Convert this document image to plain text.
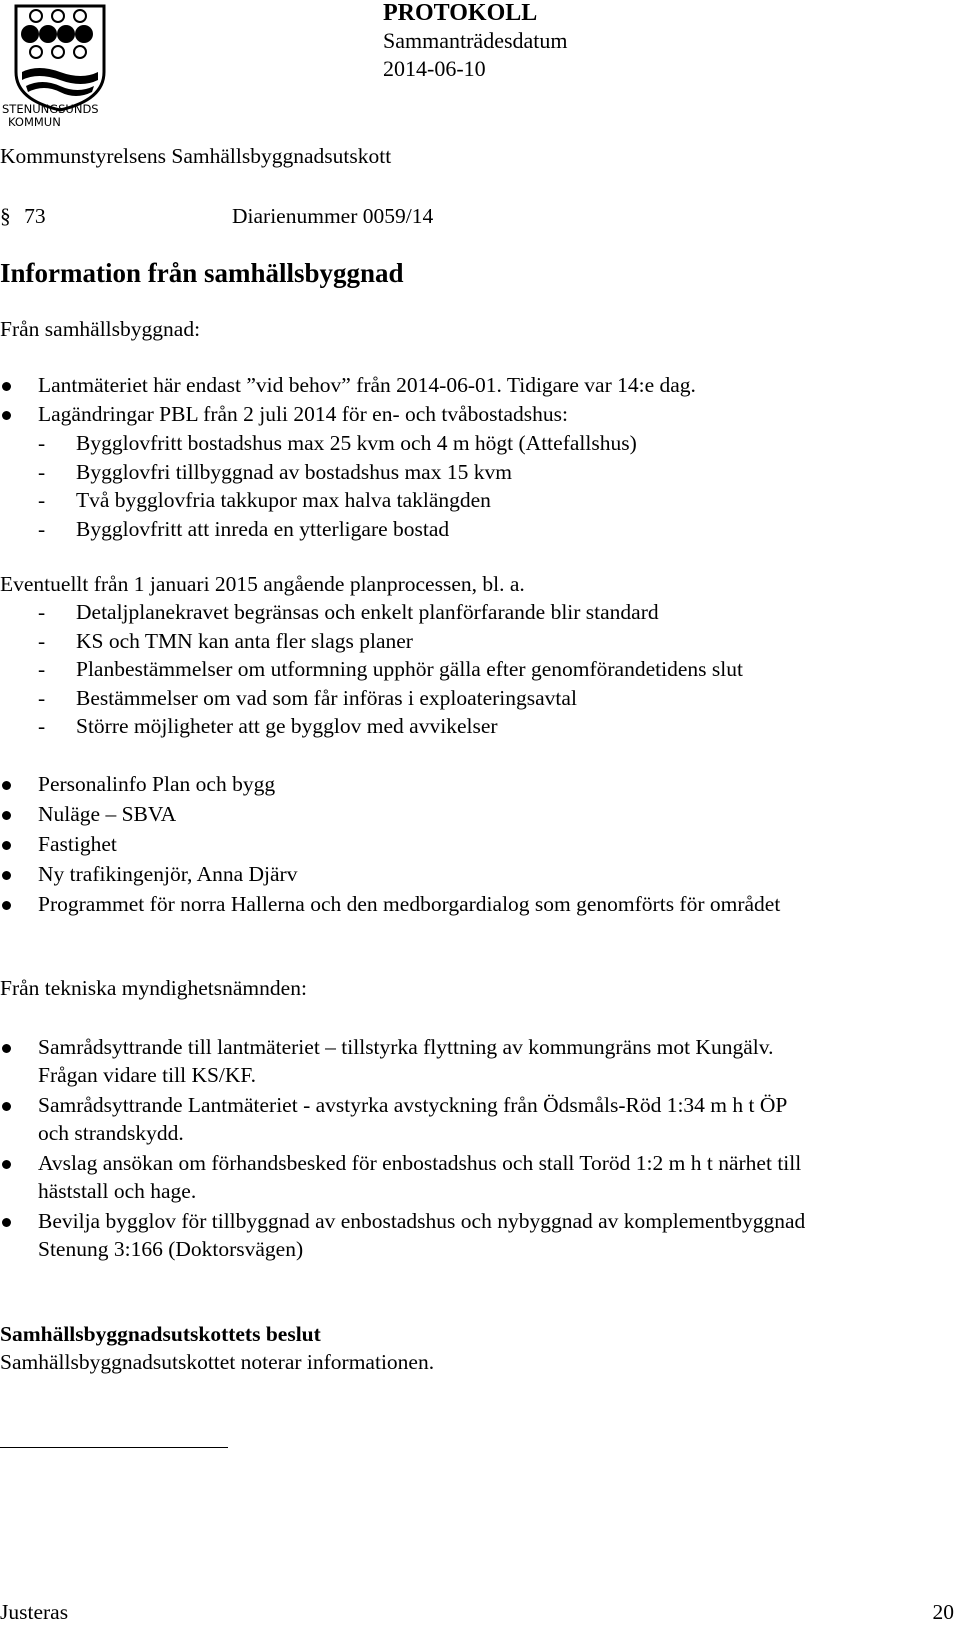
STENUNGSUNDS
KOMMUN
PROTOKOLL
Sammanträdesdatum
2014-06-10
Kommunstyrelsens Samhällsbyggnadsutskott
§ 73	Diarienummer 0059/14
Information från samhällsbyggnad
Från samhällsbyggnad:
Lantmäteriet här endast ”vid behov” från 2014-06-01. Tidigare var 14:e dag.
Lagändringar PBL från 2 juli 2014 för en- och tvåbostadshus:
- Bygglovfritt bostadshus max 25 kvm och 4 m högt (Attefallshus)
- Bygglovfri tillbyggnad av bostadshus max 15 kvm
- Två bygglovfria takkupor max halva taklängden
- Bygglovfritt att inreda en ytterligare bostad
Eventuellt från 1 januari 2015 angående planprocessen, bl. a.
- Detaljplanekravet begränsas och enkelt planförfarande blir standard
- KS och TMN kan anta fler slags planer
- Planbestämmelser om utformning upphör gälla efter genomförandetidens slut
- Bestämmelser om vad som får införas i exploateringsavtal
- Större möjligheter att ge bygglov med avvikelser
Personalinfo Plan och bygg
Nuläge – SBVA
Fastighet
Ny trafikingenjör, Anna Djärv
Programmet för norra Hallerna och den medborgardialog som genomförts för området
Från tekniska myndighetsnämnden:
Samrådsyttrande till lantmäteriet – tillstyrka flyttning av kommungräns mot Kungälv.
Frågan vidare till KS/KF.
Samrådsyttrande Lantmäteriet - avstyrka avstyckning från Ödsmåls-Röd 1:34 m h t ÖP
och strandskydd.
Avslag ansökan om förhandsbesked för enbostadshus och stall Toröd 1:2 m h t närhet till
häststall och hage.
Bevilja bygglov för tillbyggnad av enbostadshus och nybyggnad av komplementbyggnad
Stenung 3:166 (Doktorsvägen)
Samhällsbyggnadsutskottets beslut
Samhällsbyggnadsutskottet noterar informationen.
Justeras	20
